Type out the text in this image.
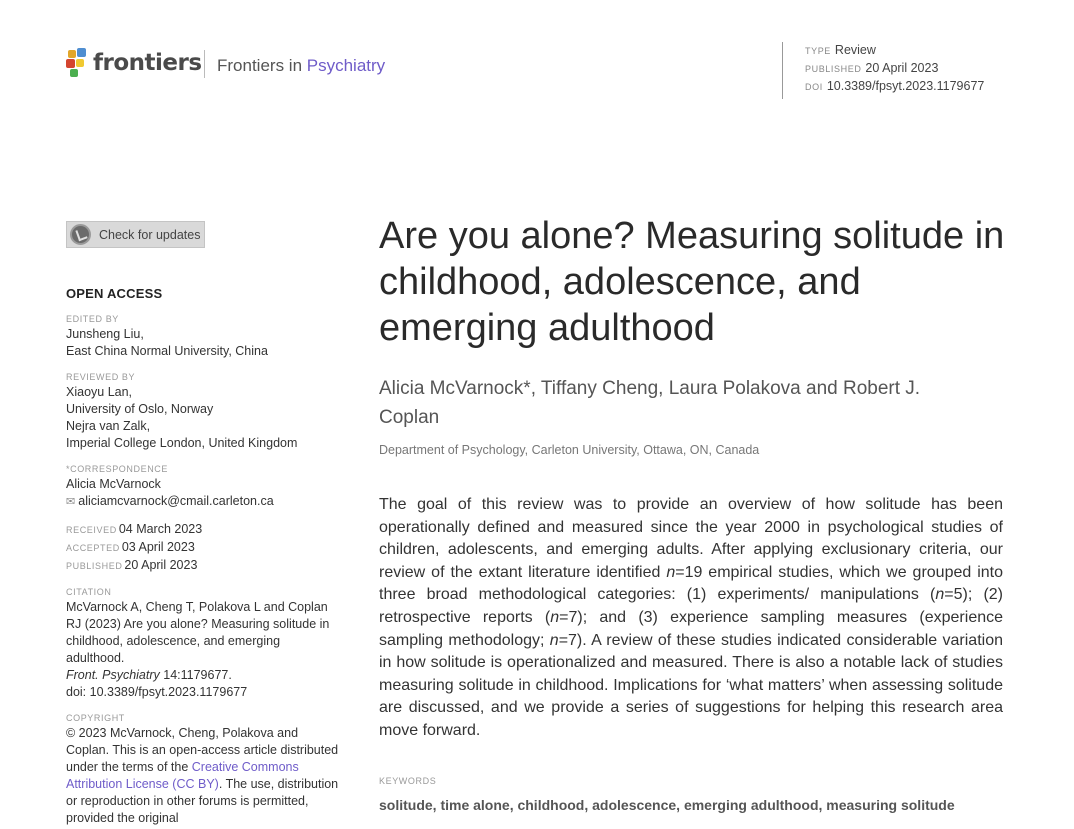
frontiers Frontiers in Psychiatry
TYPE Review
PUBLISHED 20 April 2023
DOI 10.3389/fpsyt.2023.1179677
Check for updates
OPEN ACCESS
EDITED BY
Junsheng Liu,
East China Normal University, China
REVIEWED BY
Xiaoyu Lan,
University of Oslo, Norway
Nejra van Zalk,
Imperial College London, United Kingdom
*CORRESPONDENCE
Alicia McVarnock
✉ aliciamcvarnock@cmail.carleton.ca
RECEIVED 04 March 2023
ACCEPTED 03 April 2023
PUBLISHED 20 April 2023
CITATION
McVarnock A, Cheng T, Polakova L and Coplan RJ (2023) Are you alone? Measuring solitude in childhood, adolescence, and emerging adulthood.
Front. Psychiatry 14:1179677.
doi: 10.3389/fpsyt.2023.1179677
COPYRIGHT
© 2023 McVarnock, Cheng, Polakova and Coplan. This is an open-access article distributed under the terms of the Creative Commons Attribution License (CC BY). The use, distribution or reproduction in other forums is permitted, provided the original
Are you alone? Measuring solitude in childhood, adolescence, and emerging adulthood
Alicia McVarnock*, Tiffany Cheng, Laura Polakova and Robert J. Coplan
Department of Psychology, Carleton University, Ottawa, ON, Canada
The goal of this review was to provide an overview of how solitude has been operationally defined and measured since the year 2000 in psychological studies of children, adolescents, and emerging adults. After applying exclusionary criteria, our review of the extant literature identified n=19 empirical studies, which we grouped into three broad methodological categories: (1) experiments/ manipulations (n=5); (2) retrospective reports (n=7); and (3) experience sampling measures (experience sampling methodology; n=7). A review of these studies indicated considerable variation in how solitude is operationalized and measured. There is also a notable lack of studies measuring solitude in childhood. Implications for ‘what matters’ when assessing solitude are discussed, and we provide a series of suggestions for helping this research area move forward.
KEYWORDS
solitude, time alone, childhood, adolescence, emerging adulthood, measuring solitude
